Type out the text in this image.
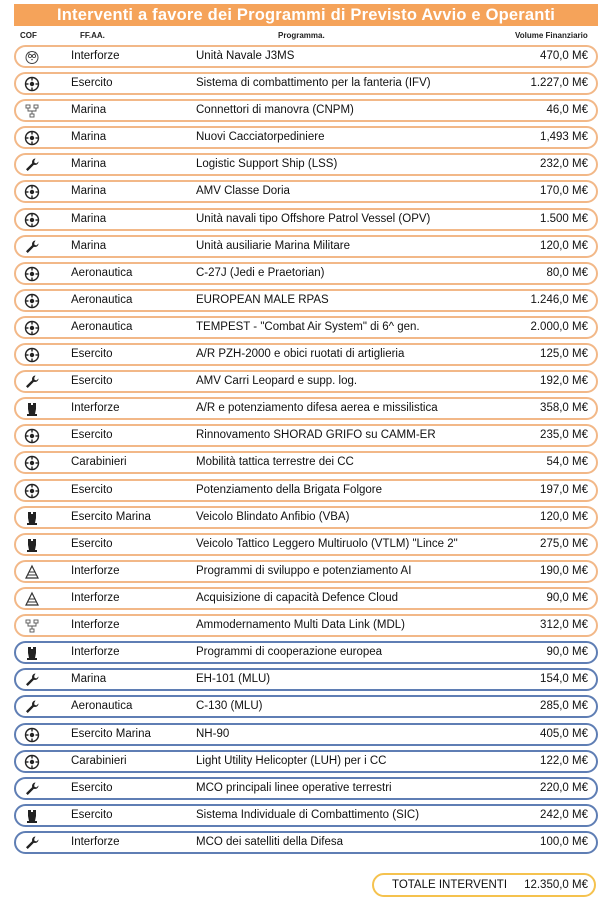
Interventi a favore dei Programmi di Previsto Avvio e Operanti
COF	FF.AA.	Programma.	Volume Finanziario
Interforze	Unità Navale J3MS	470,0 M€
Esercito	Sistema di combattimento per la fanteria (IFV)	1.227,0 M€
Marina	Connettori di manovra (CNPM)	46,0 M€
Marina	Nuovi Cacciatorpediniere	1,493 M€
Marina	Logistic Support Ship (LSS)	232,0 M€
Marina	AMV Classe Doria	170,0 M€
Marina	Unità navali tipo Offshore Patrol Vessel (OPV)	1.500 M€
Marina	Unità ausiliarie Marina Militare	120,0 M€
Aeronautica	C-27J (Jedi e Praetorian)	80,0 M€
Aeronautica	EUROPEAN MALE RPAS	1.246,0 M€
Aeronautica	TEMPEST - "Combat Air System" di 6^ gen.	2.000,0 M€
Esercito	A/R PZH-2000 e obici ruotati di artiglieria	125,0 M€
Esercito	AMV Carri Leopard e supp. log.	192,0 M€
Interforze	A/R e potenziamento difesa aerea e missilistica	358,0 M€
Esercito	Rinnovamento SHORAD GRIFO su CAMM-ER	235,0 M€
Carabinieri	Mobilità tattica terrestre dei CC	54,0 M€
Esercito	Potenziamento della Brigata Folgore	197,0 M€
Esercito Marina	Veicolo Blindato Anfibio (VBA)	120,0 M€
Esercito	Veicolo Tattico Leggero Multiruolo (VTLM) "Lince 2"	275,0 M€
Interforze	Programmi di sviluppo e potenziamento AI	190,0 M€
Interforze	Acquisizione di capacità Defence Cloud	90,0 M€
Interforze	Ammodernamento Multi Data Link (MDL)	312,0 M€
Interforze	Programmi di cooperazione europea	90,0 M€
Marina	EH-101 (MLU)	154,0 M€
Aeronautica	C-130 (MLU)	285,0 M€
Esercito Marina	NH-90	405,0 M€
Carabinieri	Light Utility Helicopter (LUH) per i CC	122,0 M€
Esercito	MCO principali linee operative terrestri	220,0 M€
Esercito	Sistema Individuale di Combattimento (SIC)	242,0 M€
Interforze	MCO dei satelliti della Difesa	100,0 M€
TOTALE INTERVENTI 12.350,0 M€
